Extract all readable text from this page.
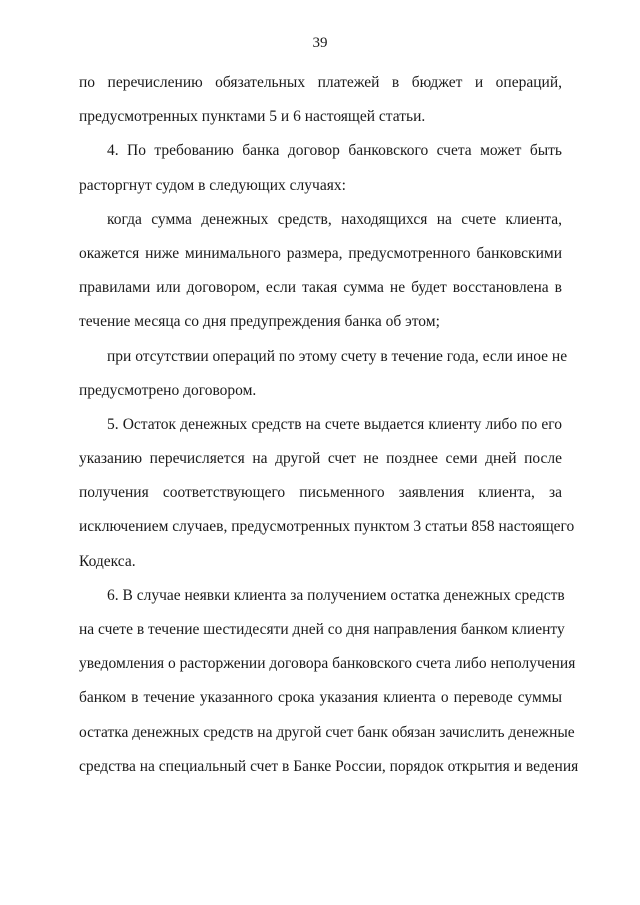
39
по перечислению обязательных платежей в бюджет и операций,
предусмотренных пунктами 5 и 6 настоящей статьи.
4. По требованию банка договор банковского счета может быть
расторгнут судом в следующих случаях:
когда сумма денежных средств, находящихся на счете клиента,
окажется ниже минимального размера, предусмотренного банковскими
правилами или договором, если такая сумма не будет восстановлена в
течение месяца со дня предупреждения банка об этом;
при отсутствии операций по этому счету в течение года, если иное не
предусмотрено договором.
5. Остаток денежных средств на счете выдается клиенту либо по его
указанию перечисляется на другой счет не позднее семи дней после
получения соответствующего письменного заявления клиента, за
исключением случаев, предусмотренных пунктом 3 статьи 858 настоящего
Кодекса.
6. В случае неявки клиента за получением остатка денежных средств
на счете в течение шестидесяти дней со дня направления банком клиенту
уведомления о расторжении договора банковского счета либо неполучения
банком в течение указанного срока указания клиента о переводе суммы
остатка денежных средств на другой счет банк обязан зачислить денежные
средства на специальный счет в Банке России, порядок открытия и ведения
